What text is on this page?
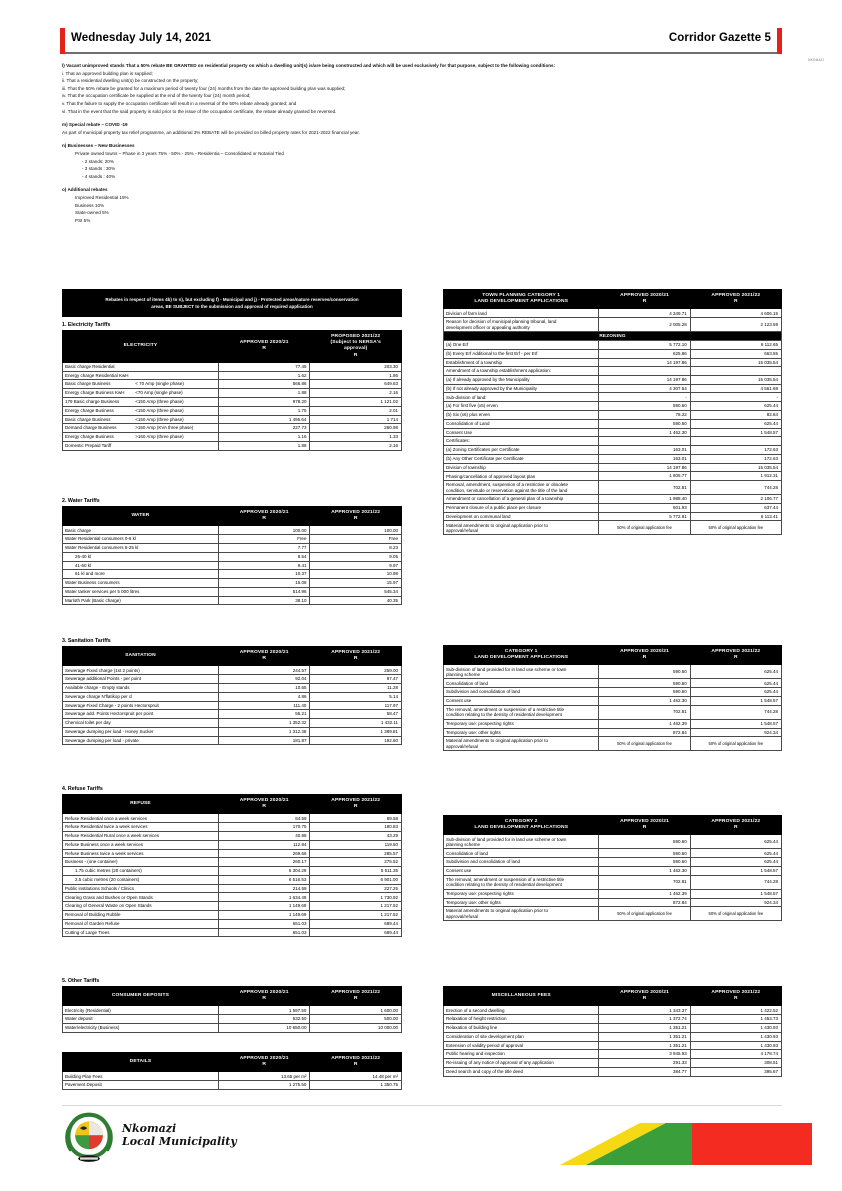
Wednesday July 14, 2021	Corridor Gazette 5
NKOMAZI
l) Vacant unimproved stands That a 50% rebate BE GRANTED on residential property on which a dwelling unit(s) is/are being constructed and which will be used exclusively for that purpose, subject to the following conditions:
i. That an approved building plan is supplied;
ii. That a residential dwelling unit(s) be constructed on the property;
iii. That the 50% rebate be granted for a maximum period of twenty four (24) months from the date the approved building plan was supplied;
iv. That the occupation certificate be supplied at the end of the twenty four (24) month period;
v. That the failure to supply the occupation certificate will result in a reversal of the 50% rebate already granted; and
vi. That in the event that the said property is sold prior to the issue of the occupation certificate, the rebate already granted be reversed.
m) Special rebate – COVID -19
As part of municipal property tax relief programme, an additional 3% REBATE will be provided on billed property rates for 2021-2022 financial year.
n) Businesses – New Businesses
Private owned towns – Phase in 3 years 75% - 50% - 25% - Residentia – Consolidated or Notarial Tied
- 2 stands: 20%
- 3 stands : 30%
- 4 stands : 40%
o) Additional rebates
Improved Residential 15%
Business 10%
State-owned 5%
PSI 5%
Rebates in respect of items 4b) to n), but excluding f) - Municipal and j) - Protected areas/nature reserves/conservation areas, BE SUBJECT to the submission and approval of required application
1. Electricity Tariffs
ELECTRICITY

APPROVED 2020/21
R

PROPOSED 2021/22
(Subject to NERSA's
approval)
R

Basic charge Residential	77.45	203.30

Energy charge Residential KwH	1.62	1.86

Basic charge Business < 70 Amp (single phase)	566.86	649.63

Energy charge Business KwH <70 Amp (single phase)	1.88	2.16

179 Basic charge Business <150 Amp (three phase)	978.20	1 121.02

Energy charge Business <150 Amp (three phase)	1.75	2.01

Basic charge Business <150 Amp (three phase)	1 495.64	1 714

Demand charge Business >150 Amp (KVA three phase)	227.73	260.98

Energy charge Business >160 Amp (three phase)	1.16	1.33

Domestic Prepaid Tariff	1.88	2.16
2. Water Tariffs
WATER

APPROVED 2020/21
R

APPROVED 2021/22
R

Basic charge	100.00	100.00
Water Residential consumers 0-6 kl	Free	Free
Water Residential consumers 6-25 kl	7.77	8.23
26-40 kl	8.54	9.05
41-60 kl	9.41	9.97
61 kl and more	10.37	10.98
Water Business consumers	15.08	15.97
Water tanker services per 5 000 litres	514.96	545.34
Marloth Park (Basic charge)	38.10	40.35
3. Sanitation Tariffs
SANITATION

APPROVED 2020/21
R

APPROVED 2021/22
R

Sewerage Fixed charge (1st 2 points)	244.57	259.00
Sewerage additional Points - per point	92.04	97.47
Available charge - Empty stands	10.65	11.28
Sewerage charge N'flatikop per cl	4.86	5.14
Sewerage Fixed Charge - 2 points Hectorspruit	111.40	117.97
Sewerage add. Points Hectorspruit per point	55.21	58.47
Chemical toilet per day	1 352.32	1 432.11
Sewerage dumping per load - Honey Sucker	1 312.38	1 389.81
Sewerage dumping per load - private	181.87	192.60
4. Refuse Tariffs
REFUSE

APPROVED 2020/21
R

APPROVED 2021/22
R

Refuse Residential once a week services	84.59	89.58
Refuse Residential twice a week services	170.75	180.83
Refuse Residential Rural once a week services	40.88	43.29
Refuse Business once a week services	112.84	119.50
Refuse Business twice a week services	269.66	285.57
Business - (one container)	260.17	275.52
1.75 cubic metres (20 containers)	5 304.29	5 511.35
2.5 cubic metres (20 containers)	6 516.53	6 901.00
Public institutions Schools / Clinics	214.59	227.25
Clearing Grass and Bushes or Open Stands	1 634.49	1 730.92
Clearing of General Waste on Open Stands	1 149.69	1 217.52
Removal of Building Rubble	1 149.69	1 217.52
Removal of Garden Refuse	651.03	689.44
Cutting of Large Trees	651.03	689.44
5. Other Tariffs
CONSUMER DEPOSITS

APPROVED 2020/21
R

APPROVED 2021/22
R

Electricity (Residential)	1 597.50	1 600.00
Water deposit	532.50	500.00
Water/electricity (Business)	10 650.00	10 000.00
DETAILS

APPROVED 2020/21
R

APPROVED 2021/22
R

Building Plan Fees	13.65 per m²	14.48 per m²
Pavement Deposit	1 275.50	1 350.75
TOWN PLANNING CATEGORY 1
LAND DEVELOPMENT APPLICATIONS

APPROVED 2020/21
R

APPROVED 2021/22
R

Division of farm land	4 349.71	4 606.15

Reason for decision of municipal planning tribunal, land
development officer or appealing authority	2 005.28	2 123.59
REZONING		

(a) One Erf	5 772.10	6 112.65

(b) Every Erf Additional to the first Erf - per Erf	625.86	663.55

Establishment of a township	14 197.86	15 035.54

Amendment of a township establishment application:		

(a) If already approved by the Municipality	14 197.86	15 035.54

(b) If not already approved by the Municipality	4 307.54	4 561.68

Sub-division of land:	-	-

(a) For first five (x5) erven	590.60	625.44

(b) Six (x6) plus erven	78.22	82.84

Consolidation of Land	590.60	625.44

Consent Use	1 462.30	1 548.57

Certificates:		

(a) Zoning Certificates per Certificate	163.01	172.63

(b) Any Other Certificate per Certificate	163.01	172.63

Division of township	14 197.86	15 035.54

Phasing/cancellation of approved layout plan	1 805.77	1 912.31

Removal, amendment, suspension of a restrictive or obsolete
condition, servitude or reservation against the title of the land	702.81	744.28

Amendment or cancellation of a general plan of a township	1 988.40	2 106.77

Permanent closure of a public place per closure	601.93	637.44

Development on communal land	5 772.81	6 113.41

Material amendments to original application prior to
approval/refusal	50% of original application fee	50% of original application fee
CATEGORY 1
LAND DEVELOPMENT APPLICATIONS

APPROVED 2020/21
R

APPROVED 2021/22
R

Sub-division of land provided for in land use scheme or town
planning scheme	590.60	625.44

Consolidation of land	590.60	625.44

Subdivision and consolidation of land	590.60	625.44

Consent use	1 462.30	1 548.57

The removal, amendment or suspension of a restrictive title
condition relating to the density of residential development	702.81	744.28

Temporary use: prospecting rights	1 462.39	1 548.57

Temporary use: other rights	872.84	924.34

Material amendments to original application prior to
approval/refusal	50% of original application fee	50% of original application fee
CATEGORY 2
LAND DEVELOPMENT APPLICATIONS

APPROVED 2020/21
R

APPROVED 2021/22
R

Sub-division of land provided for in land use scheme or town
planning scheme	590.60	625.44

Consolidation of land	590.60	625.44

Subdivision and consolidation of land	590.60	625.44

Consent use	1 462.30	1 548.57

The removal, amendment or suspension of a restrictive title
condition relating to the density of residential development	702.81	744.28

Temporary use: prospecting rights	1 462.39	1 548.57

Temporary use: other rights	872.84	924.34

Material amendments to original application prior to
approval/refusal	50% of original application fee	50% of original application fee
MISCELLANEOUS FEES

APPROVED 2020/21
R

APPROVED 2021/22
R

Erection of a second dwelling	1 343.37	1 422.52
Relaxation of height restriction	1 372.74	1 453.73
Relaxation of building line	1 351.21	1 430.93
Consideration of site development plan	1 351.21	1 430.93
Extension of validity period of approval	1 351.21	1 430.93
Public hearing and inspection	3 945.93	4 178.74
Re-issuing of any notice of approval of any application	291.33	308.51
Deed search and copy of the title deed	384.77	395.67
Nkomazi
Local Municipality
